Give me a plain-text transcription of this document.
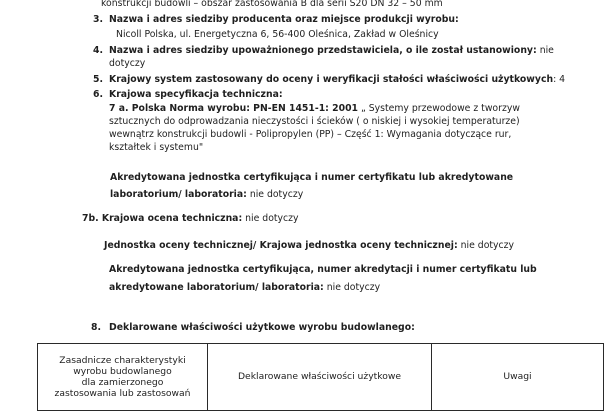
konstrukcji budowli – obszar zastosowania B dla serii S20 DN 32 – 50 mm
3. Nazwa i adres siedziby producenta oraz miejsce produkcji wyrobu:
Nicoll Polska, ul. Energetyczna 6, 56-400 Oleśnica, Zakład w Oleśnicy
4. Nazwa i adres siedziby upoważnionego przedstawiciela, o ile został ustanowiony: nie
dotyczy
5. Krajowy system zastosowany do oceny i weryfikacji stałości właściwości użytkowych: 4
6. Krajowa specyfikacja techniczna:
7 a. Polska Norma wyrobu: PN-EN 1451-1: 2001 „ Systemy przewodowe z tworzyw
sztucznych do odprowadzania nieczystości i ścieków ( o niskiej i wysokiej temperaturze)
wewnątrz konstrukcji budowli - Polipropylen (PP) – Część 1: Wymagania dotyczące rur,
kształtek i systemu"
Akredytowana jednostka certyfikująca i numer certyfikatu lub akredytowane
laboratorium/ laboratoria: nie dotyczy
7b. Krajowa ocena techniczna: nie dotyczy
Jednostka oceny technicznej/ Krajowa jednostka oceny technicznej: nie dotyczy
Akredytowana jednostka certyfikująca, numer akredytacji i numer certyfikatu lub
akredytowane laboratorium/ laboratoria: nie dotyczy
8. Deklarowane właściwości użytkowe wyrobu budowlanego:
Zasadnicze charakterystyki
wyrobu budowlanego
dla zamierzonego
zastosowania lub zastosowań

Deklarowane właściwości użytkowe	Uwagi
